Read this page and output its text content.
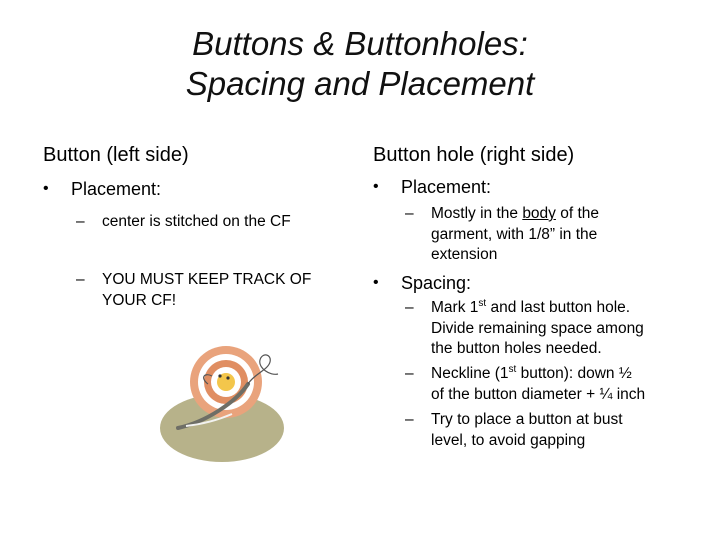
Buttons & Buttonholes:
Spacing and Placement
Button (left side)
• Placement:
– center is stitched on the CF
– YOU MUST KEEP TRACK OF
YOUR CF!
Button hole (right side)
• Placement:
– Mostly in the body of the
garment, with 1/8” in the
extension
• Spacing:
– Mark 1st and last button hole.
Divide remaining space among
the button holes needed.
– Neckline (1st button): down ½
of the button diameter + ¼ inch
– Try to place a button at bust
level, to avoid gapping
